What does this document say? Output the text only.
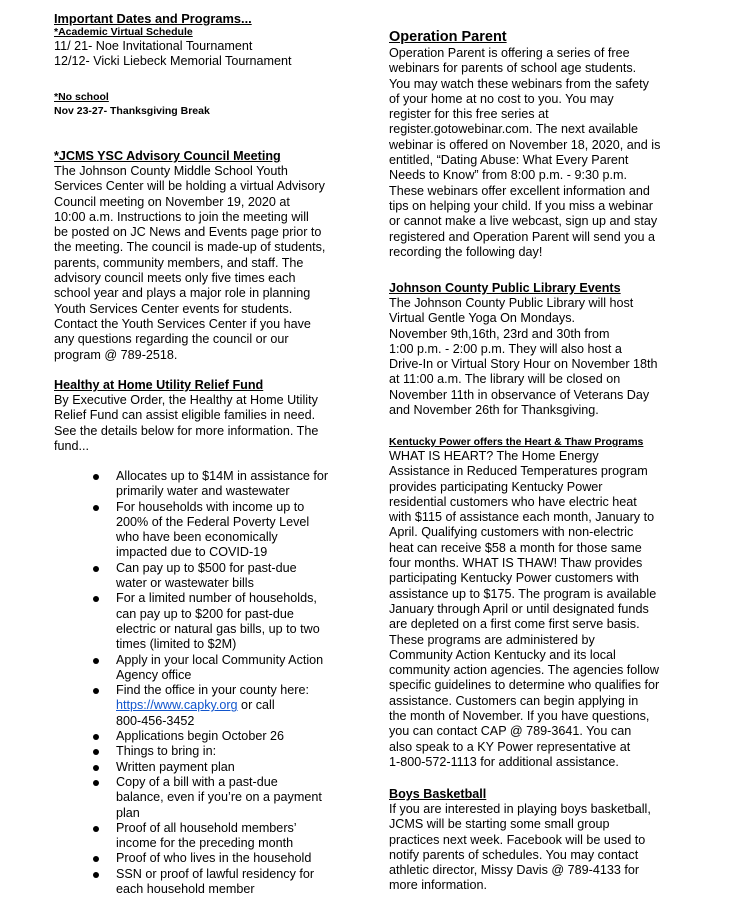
Important Dates and Programs...
*Academic Virtual Schedule
11/ 21- Noe Invitational Tournament
12/12- Vicki Liebeck Memorial Tournament
*No school
Nov 23-27- Thanksgiving Break
*JCMS YSC Advisory Council Meeting
The Johnson County Middle School Youth
Services Center will be holding a virtual Advisory
Council meeting on November 19, 2020 at
10:00 a.m. Instructions to join the meeting will
be posted on JC News and Events page prior to
the meeting. The council is made-up of students,
parents, community members, and staff. The
advisory council meets only five times each
school year and plays a major role in planning
Youth Services Center events for students.
Contact the Youth Services Center if you have
any questions regarding the council or our
program @ 789-2518.
Healthy at Home Utility Relief Fund
By Executive Order, the Healthy at Home Utility
Relief Fund can assist eligible families in need.
See the details below for more information. The
fund...
Allocates up to $14M in assistance for
primarily water and wastewater
For households with income up to
200% of the Federal Poverty Level
who have been economically
impacted due to COVID-19
Can pay up to $500 for past-due
water or wastewater bills
For a limited number of households,
can pay up to $200 for past-due
electric or natural gas bills, up to two
times (limited to $2M)
Apply in your local Community Action
Agency office
Find the office in your county here:
https://www.capky.org or call
800-456-3452
Applications begin October 26
Things to bring in:
Written payment plan
Copy of a bill with a past-due
balance, even if you’re on a payment
plan
Proof of all household members’
income for the preceding month
Proof of who lives in the household
SSN or proof of lawful residency for
each household member
Operation Parent
Operation Parent is offering a series of free
webinars for parents of school age students.
You may watch these webinars from the safety
of your home at no cost to you. You may
register for this free series at
register.gotowebinar.com. The next available
webinar is offered on November 18, 2020, and is
entitled, “Dating Abuse: What Every Parent
Needs to Know” from 8:00 p.m. - 9:30 p.m.
These webinars offer excellent information and
tips on helping your child. If you miss a webinar
or cannot make a live webcast, sign up and stay
registered and Operation Parent will send you a
recording the following day!
Johnson County Public Library Events
The Johnson County Public Library will host
Virtual Gentle Yoga On Mondays.
November 9th,16th, 23rd and 30th from
1:00 p.m. - 2:00 p.m. They will also host a
Drive-In or Virtual Story Hour on November 18th
at 11:00 a.m. The library will be closed on
November 11th in observance of Veterans Day
and November 26th for Thanksgiving.
Kentucky Power offers the Heart & Thaw Programs
WHAT IS HEART? The Home Energy
Assistance in Reduced Temperatures program
provides participating Kentucky Power
residential customers who have electric heat
with $115 of assistance each month, January to
April. Qualifying customers with non-electric
heat can receive $58 a month for those same
four months. WHAT IS THAW! Thaw provides
participating Kentucky Power customers with
assistance up to $175. The program is available
January through April or until designated funds
are depleted on a first come first serve basis.
These programs are administered by
Community Action Kentucky and its local
community action agencies. The agencies follow
specific guidelines to determine who qualifies for
assistance. Customers can begin applying in
the month of November. If you have questions,
you can contact CAP @ 789-3641. You can
also speak to a KY Power representative at
1-800-572-1113 for additional assistance.
Boys Basketball
If you are interested in playing boys basketball,
JCMS will be starting some small group
practices next week. Facebook will be used to
notify parents of schedules. You may contact
athletic director, Missy Davis @ 789-4133 for
more information.
